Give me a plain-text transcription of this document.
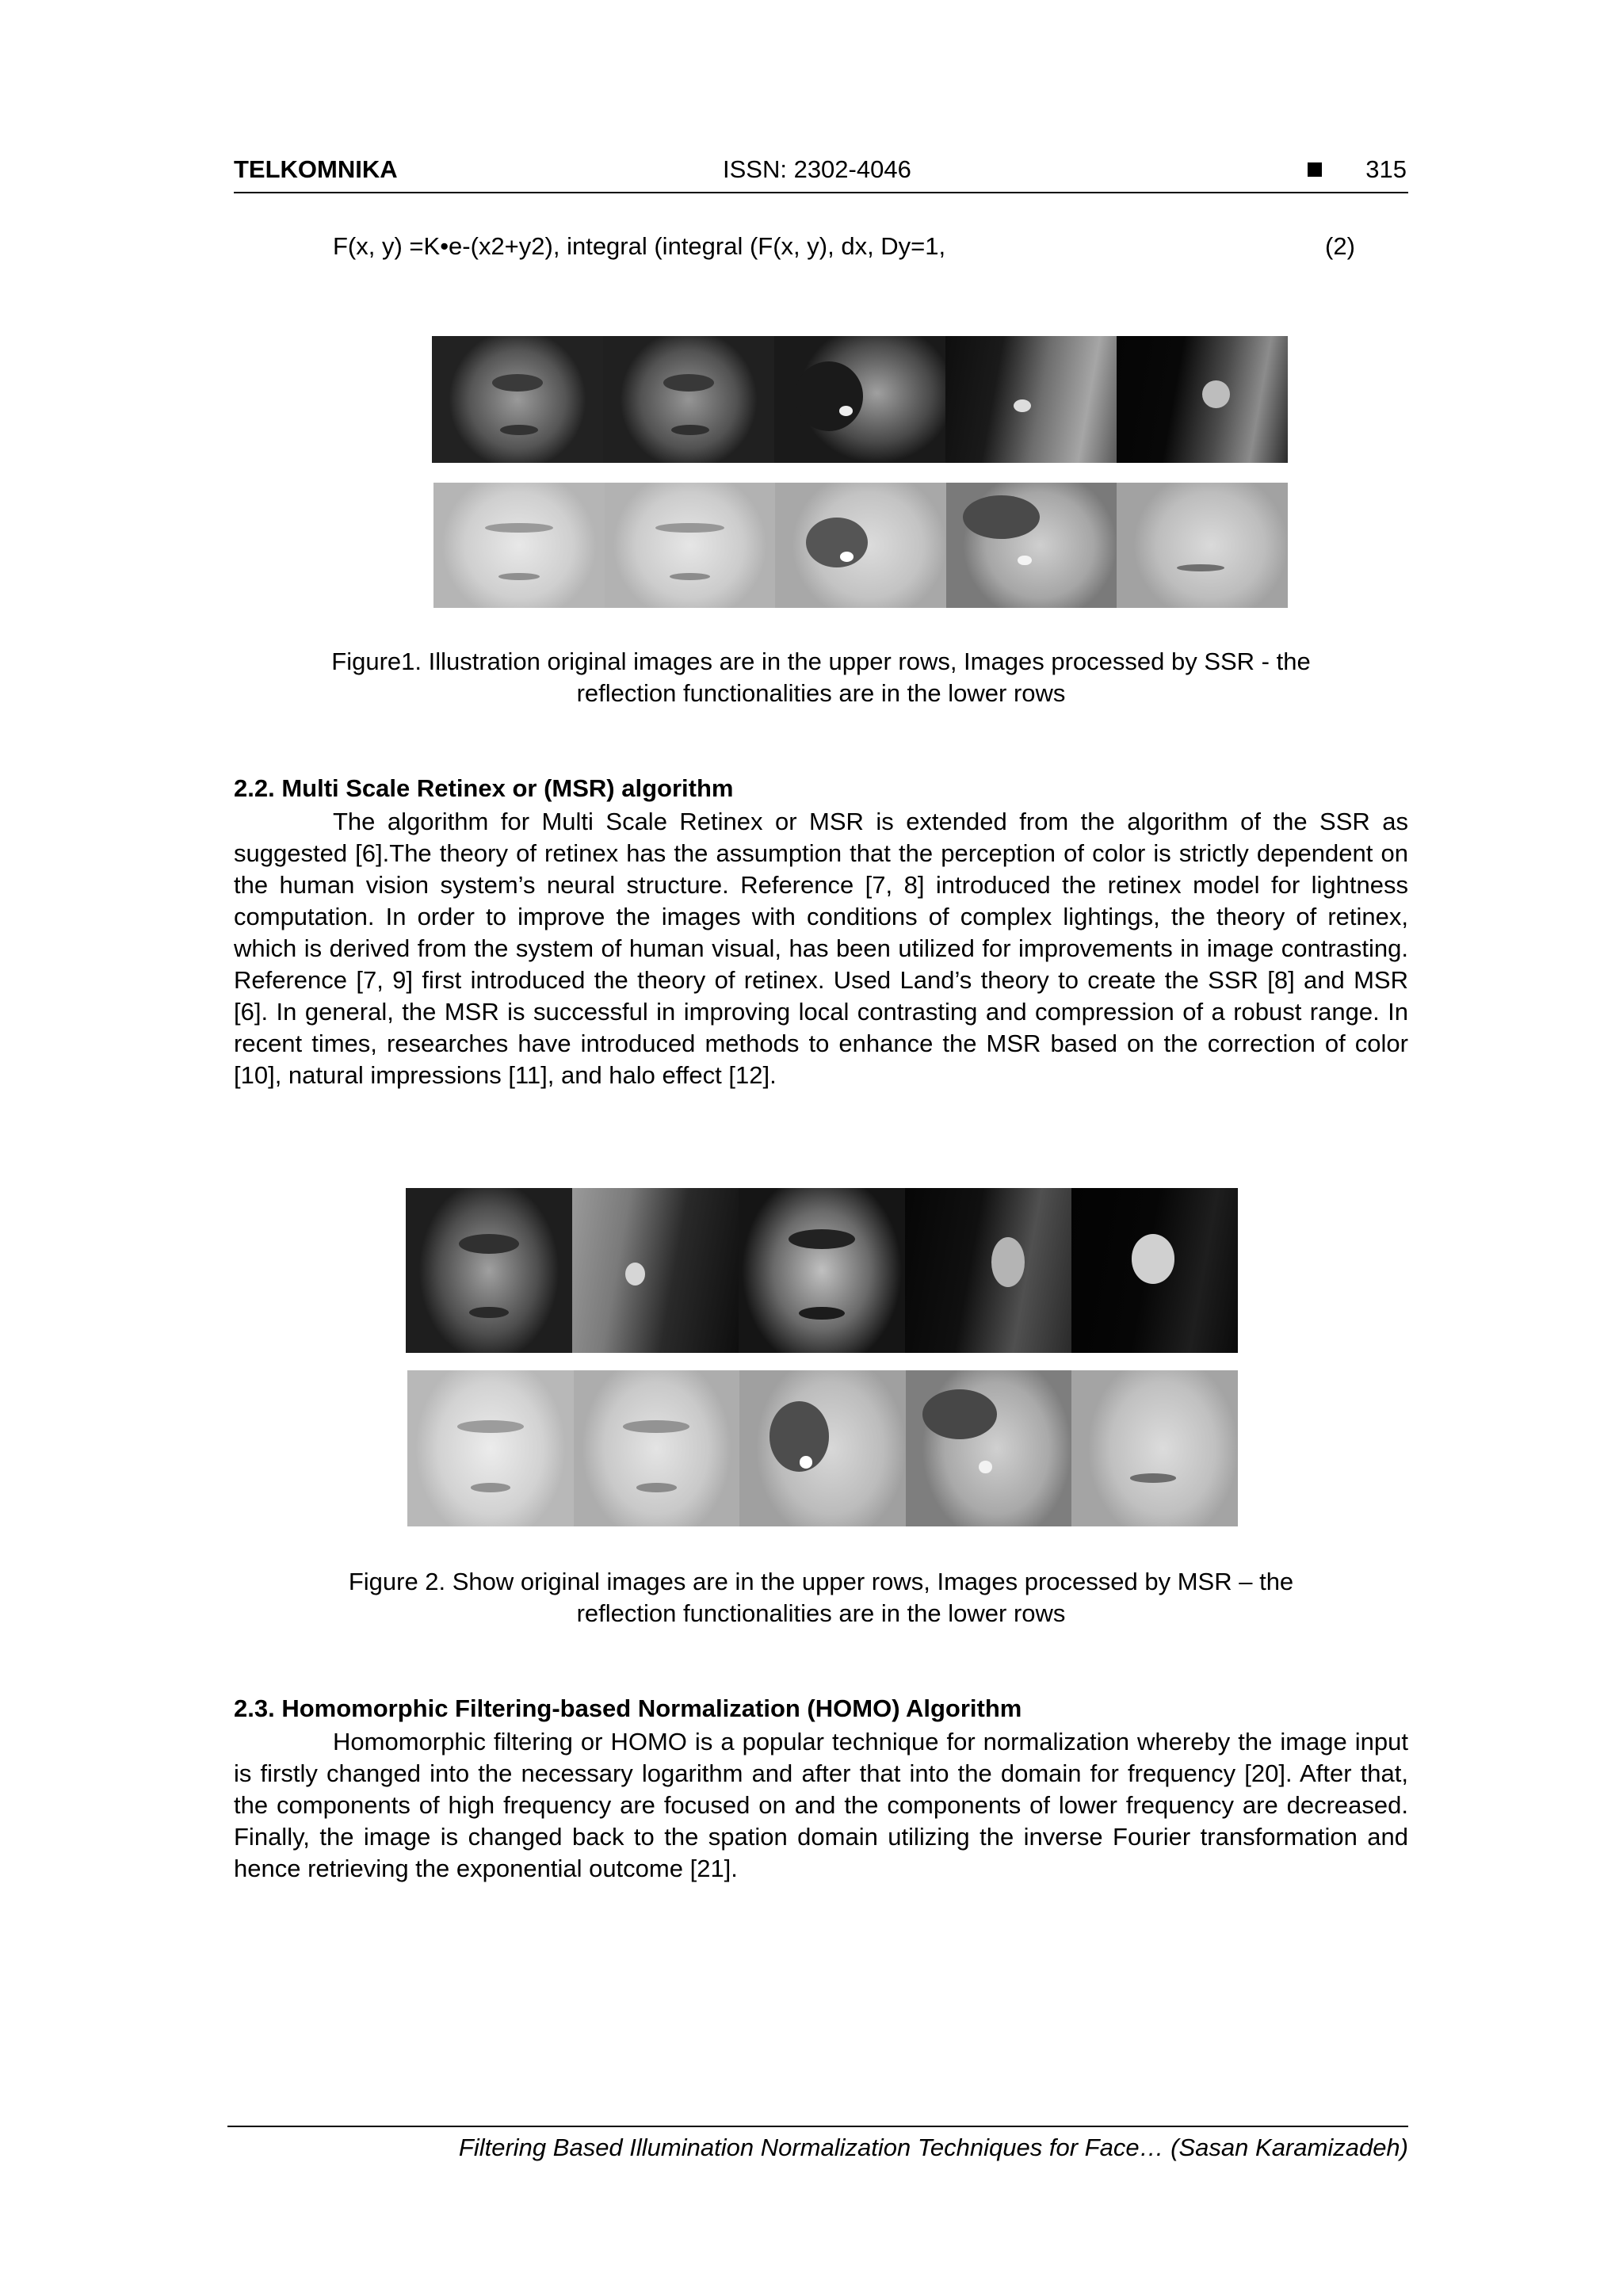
TELKOMNIKA	ISSN: 2302-4046	315
F(x, y) =K•e-(x2+y2), integral (integral (F(x, y), dx, Dy=1,	(2)
Figure1. Illustration original images are in the upper rows, Images processed by SSR - the
reflection functionalities are in the lower rows
2.2. Multi Scale Retinex or (MSR) algorithm

The algorithm for Multi Scale Retinex or MSR is extended from the algorithm of the SSR as suggested [6].The theory of retinex has the assumption that the perception of color is strictly dependent on the human vision system’s neural structure. Reference [7, 8] introduced the retinex model for lightness computation. In order to improve the images with conditions of complex lightings, the theory of retinex, which is derived from the system of human visual, has been utilized for improvements in image contrasting. Reference [7, 9] first introduced the theory of retinex. Used Land’s theory to create the SSR [8] and MSR [6]. In general, the MSR is successful in improving local contrasting and compression of a robust range. In recent times, researches have introduced methods to enhance the MSR based on the correction of color [10], natural impressions [11], and halo effect [12].

Figure 2. Show original images are in the upper rows, Images processed by MSR – the
reflection functionalities are in the lower rows
2.3. Homomorphic Filtering-based Normalization (HOMO) Algorithm

Homomorphic filtering or HOMO is a popular technique for normalization whereby the image input is firstly changed into the necessary logarithm and after that into the domain for frequency [20]. After that, the components of high frequency are focused on and the components of lower frequency are decreased. Finally, the image is changed back to the spation domain utilizing the inverse Fourier transformation and hence retrieving the exponential outcome [21].

Filtering Based Illumination Normalization Techniques for Face… (Sasan Karamizadeh)
